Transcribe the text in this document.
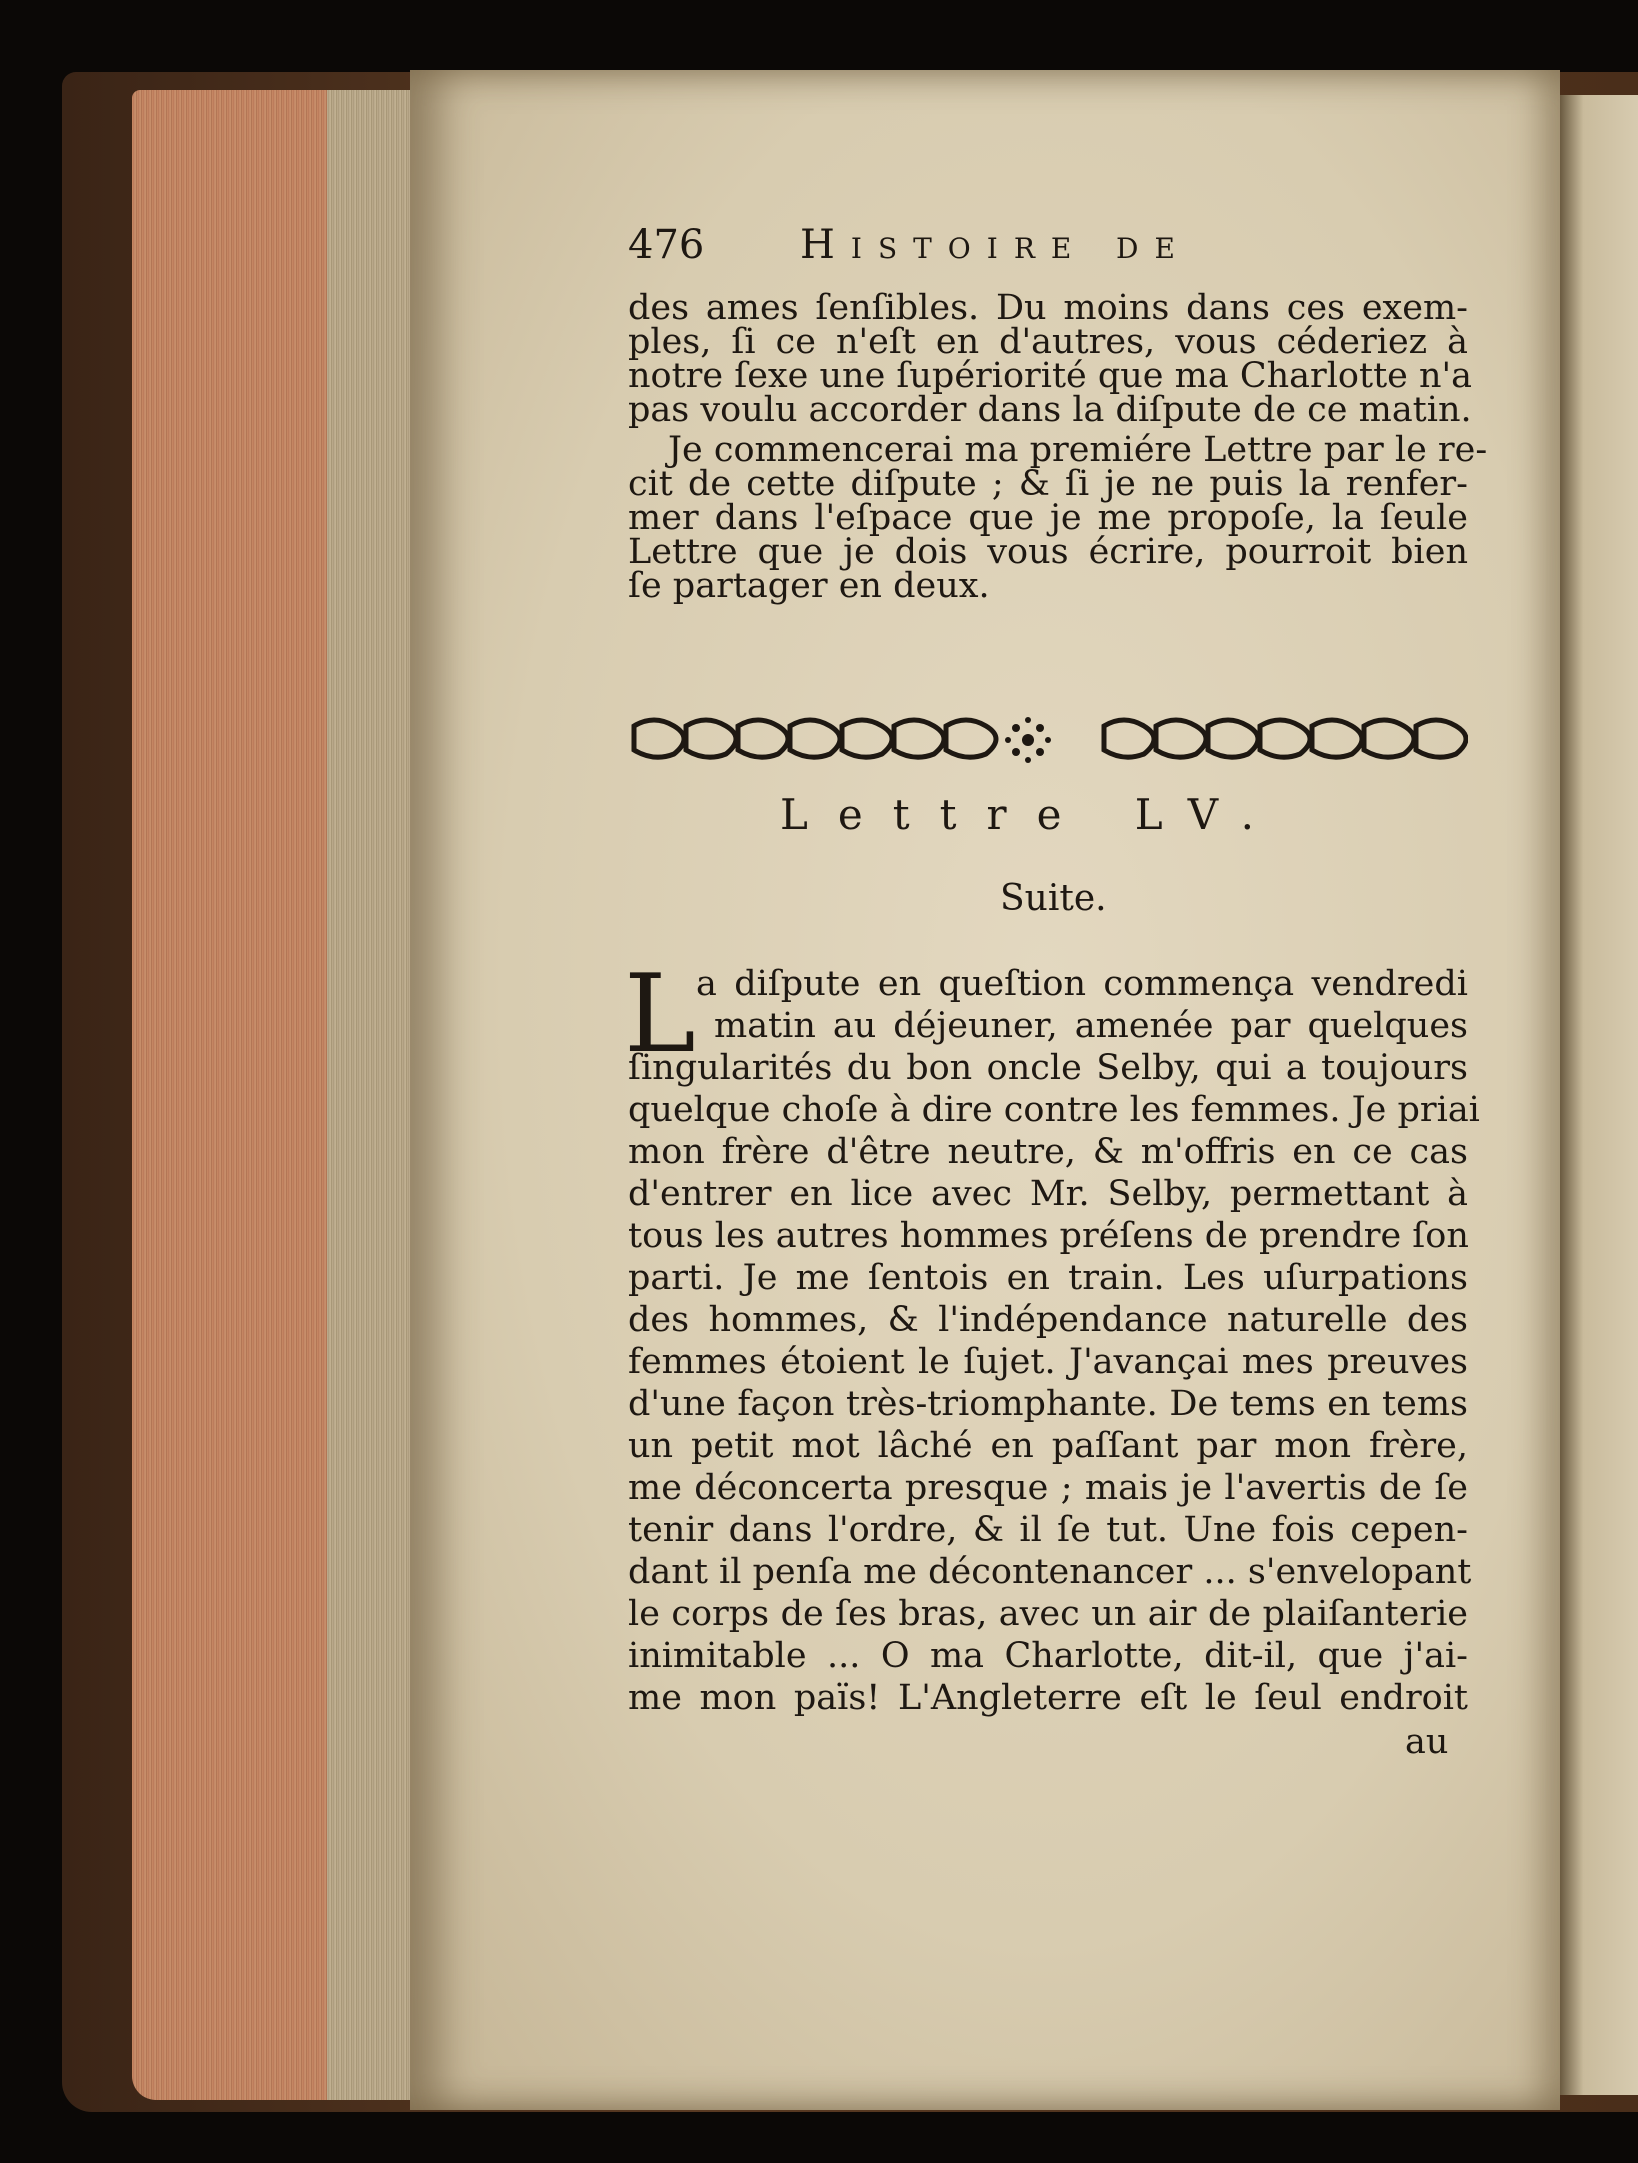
476 Histoire de
des ames ſenſibles. Du moins dans ces exem-
ples, ſi ce n'eſt en d'autres, vous céderiez à
notre ſexe une ſupériorité que ma Charlotte n'a
pas voulu accorder dans la diſpute de ce matin.
Je commencerai ma premiére Lettre par le re-
cit de cette diſpute ; & ſi je ne puis la renfer-
mer dans l'eſpace que je me propoſe, la ſeule
Lettre que je dois vous écrire, pourroit bien
ſe partager en deux.
Lettre LV.
Suite.
L a diſpute en queſtion commença vendredi
matin au déjeuner, amenée par quelques
ſingularités du bon oncle Selby, qui a toujours
quelque choſe à dire contre les femmes. Je priai
mon frère d'être neutre, & m'offris en ce cas
d'entrer en lice avec Mr. Selby, permettant à
tous les autres hommes préſens de prendre ſon
parti. Je me ſentois en train. Les uſurpations
des hommes, & l'indépendance naturelle des
femmes étoient le ſujet. J'avançai mes preuves
d'une façon très-triomphante. De tems en tems
un petit mot lâché en paſſant par mon frère,
me déconcerta presque ; mais je l'avertis de ſe
tenir dans l'ordre, & il ſe tut. Une fois cepen-
dant il penſa me décontenancer ... s'envelopant
le corps de ſes bras, avec un air de plaiſanterie
inimitable ... O ma Charlotte, dit-il, que j'ai-
me mon païs! L'Angleterre eſt le ſeul endroit
au
